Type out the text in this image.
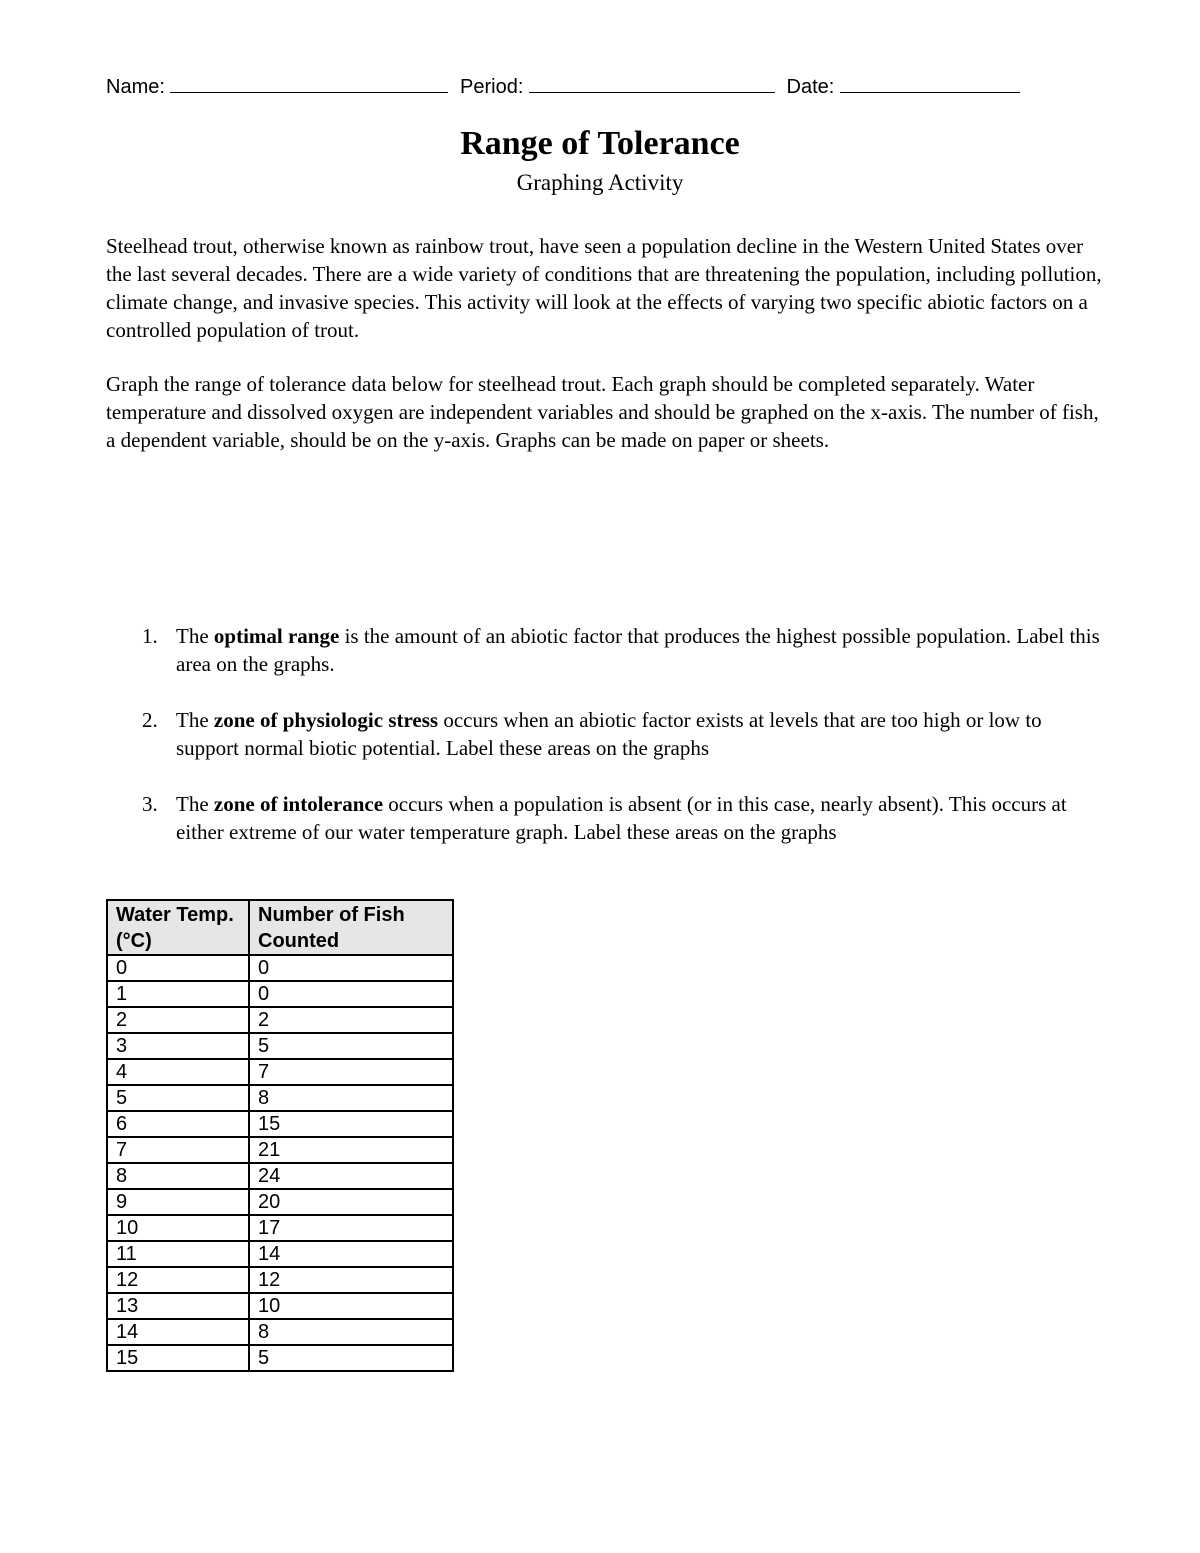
Name:	Period:	Date:
Range of Tolerance
Graphing Activity

Steelhead trout, otherwise known as rainbow trout, have seen a population decline in the Western United States over the last several decades. There are a wide variety of conditions that are threatening the population, including pollution, climate change, and invasive species. This activity will look at the effects of varying two specific abiotic factors on a controlled population of trout.

Graph the range of tolerance data below for steelhead trout. Each graph should be completed separately. Water temperature and dissolved oxygen are independent variables and should be graphed on the x-axis. The number of fish, a dependent variable, should be on the y-axis. Graphs can be made on paper or sheets.

1. The optimal range is the amount of an abiotic factor that produces the highest possible population. Label this area on the graphs.
2. The zone of physiologic stress occurs when an abiotic factor exists at levels that are too high or low to support normal biotic potential. Label these areas on the graphs
3. The zone of intolerance occurs when a population is absent (or in this case, nearly absent). This occurs at either extreme of our water temperature graph. Label these areas on the graphs
Water Temp. (°C)	Number of Fish Counted
0	0
1	0
2	2
3	5
4	7
5	8
6	15
7	21
8	24
9	20
10	17
11	14
12	12
13	10
14	8
15	5
